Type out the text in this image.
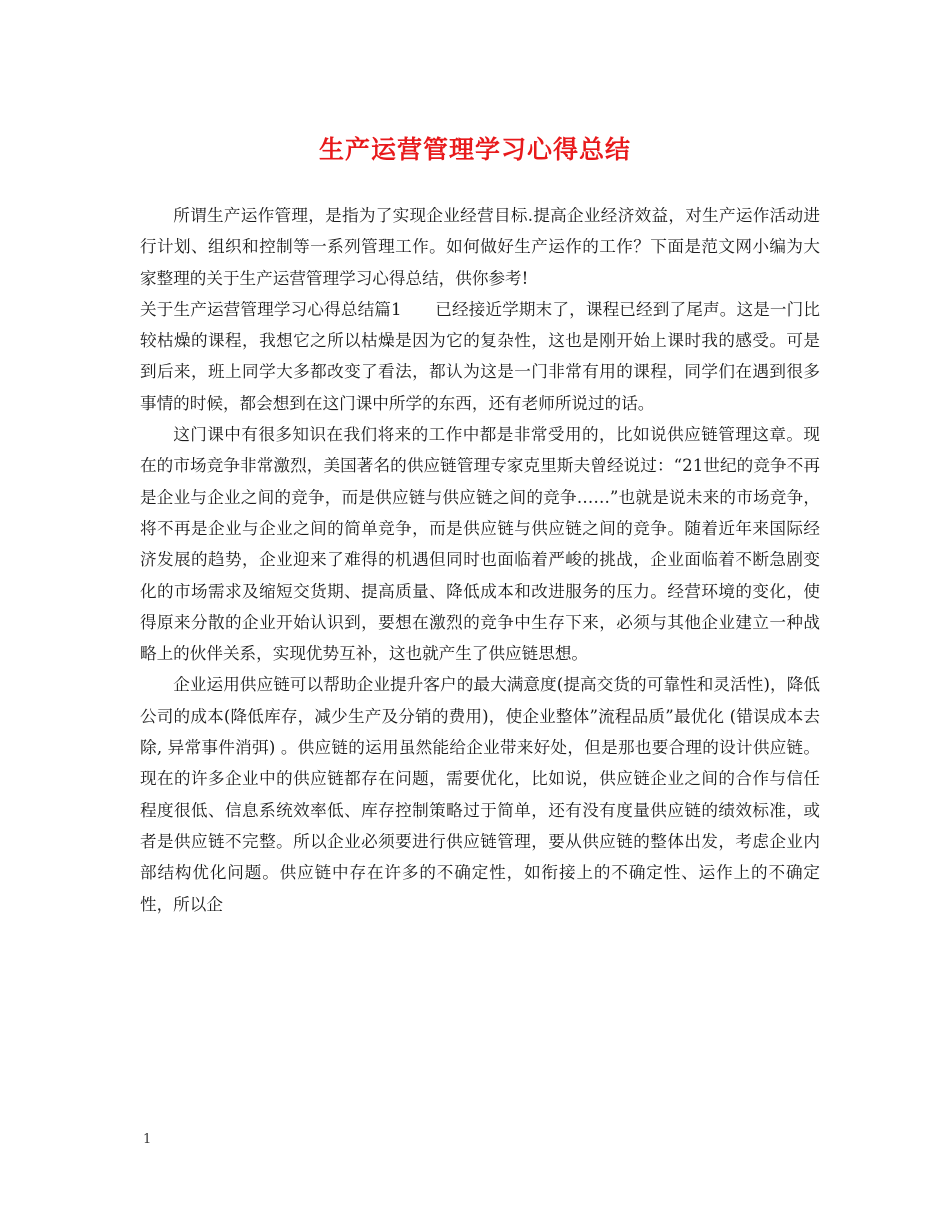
生产运营管理学习心得总结

所谓生产运作管理，是指为了实现企业经营目标.提高企业经济效益，对生产运作活动进行计划、组织和控制等一系列管理工作。如何做好生产运作的工作？下面是范文网小编为大家整理的关于生产运营管理学习心得总结，供你参考!

关于生产运营管理学习心得总结篇1　　已经接近学期末了，课程已经到了尾声。这是一门比较枯燥的课程，我想它之所以枯燥是因为它的复杂性，这也是刚开始上课时我的感受。可是到后来，班上同学大多都改变了看法，都认为这是一门非常有用的课程，同学们在遇到很多事情的时候，都会想到在这门课中所学的东西，还有老师所说过的话。

这门课中有很多知识在我们将来的工作中都是非常受用的，比如说供应链管理这章。现在的市场竞争非常激烈，美国著名的供应链管理专家克里斯夫曾经说过：“21世纪的竞争不再是企业与企业之间的竞争，而是供应链与供应链之间的竞争……”也就是说未来的市场竞争，将不再是企业与企业之间的简单竞争，而是供应链与供应链之间的竞争。随着近年来国际经济发展的趋势，企业迎来了难得的机遇但同时也面临着严峻的挑战，企业面临着不断急剧变化的市场需求及缩短交货期、提高质量、降低成本和改进服务的压力。经营环境的变化，使得原来分散的企业开始认识到，要想在激烈的竞争中生存下来，必须与其他企业建立一种战略上的伙伴关系，实现优势互补，这也就产生了供应链思想。

企业运用供应链可以帮助企业提升客户的最大满意度(提高交货的可靠性和灵活性)，降低公司的成本(降低库存，减少生产及分销的费用)，使企业整体”流程品质”最优化 (错误成本去除, 异常事件消弭) 。供应链的运用虽然能给企业带来好处，但是那也要合理的设计供应链。现在的许多企业中的供应链都存在问题，需要优化，比如说，供应链企业之间的合作与信任程度很低、信息系统效率低、库存控制策略过于简单，还有没有度量供应链的绩效标准，或者是供应链不完整。所以企业必须要进行供应链管理，要从供应链的整体出发，考虑企业内部结构优化问题。供应链中存在许多的不确定性，如衔接上的不确定性、运作上的不确定性，所以企

1
